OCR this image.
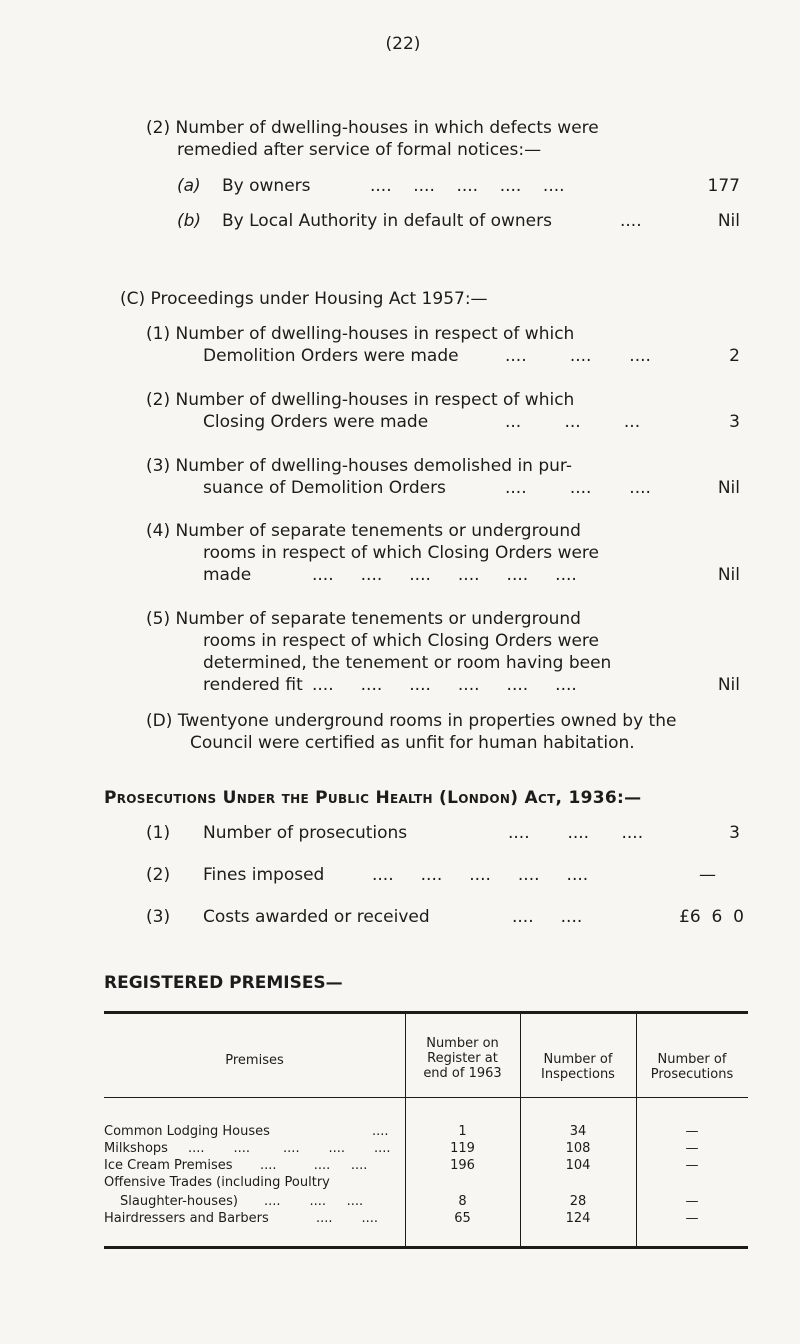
(22)
(2) Number of dwelling-houses in which defects were
remedied after service of formal notices:—
(a) By owners	....    ....    ....    ....    ....	177
(b) By Local Authority in default of owners	....	Nil
(C) Proceedings under Housing Act 1957:—
(1) Number of dwelling-houses in respect of which
Demolition Orders were made	....        ....       ....	2
(2) Number of dwelling-houses in respect of which
Closing Orders were made	...        ...        ...	3
(3) Number of dwelling-houses demolished in pur-
suance of Demolition Orders	....        ....       ....	Nil
(4) Number of separate tenements or underground
rooms in respect of which Closing Orders were
made	....     ....     ....     ....     ....     ....	Nil
(5) Number of separate tenements or underground
rooms in respect of which Closing Orders were
determined, the tenement or room having been
rendered fit ....     ....     ....     ....     ....     ....	Nil
(D) Twentyone underground rooms in properties owned by the
Council were certified as unfit for human habitation.
Prosecutions Under the Public Health (London) Act, 1936:—
(1) Number of prosecutions	....       ....      ....	3
(2) Fines imposed	....     ....     ....     ....     ....	—
(3) Costs awarded or received	....     ....	£6  6  0
REGISTERED PREMISES—
Premises
Number on
Register at
end of 1963
Number of
Inspections
Number of
Prosecutions
Common Lodging Houses	....	1	34	—
Milkshops ....       ....        ....       ....       ....	119	108	—
Ice Cream Premises ....         ....     ....	196	104	—
Offensive Trades (including Poultry
Slaughter-houses) ....       ....     ....	8	28	—
Hairdressers and Barbers	....       ....	65	124	—
